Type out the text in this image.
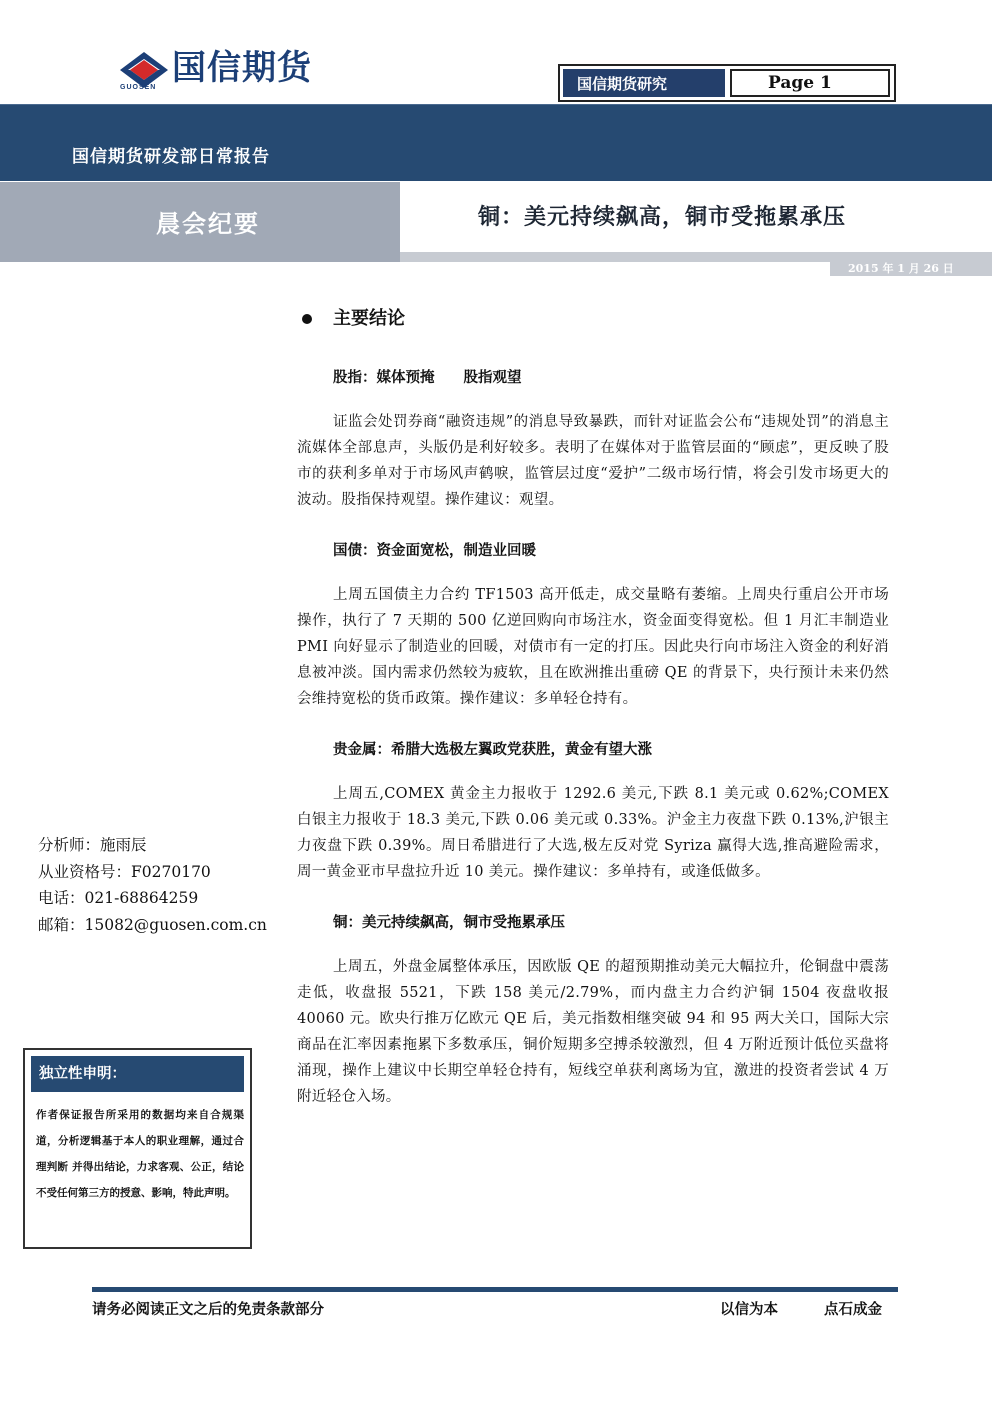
国信期货
GUOSEN	国信期货研究	Page 1
国信期货研发部日常报告
晨会纪要	铜：美元持续飙高，铜市受拖累承压
2015 年 1 月 26 日
主要结论
股指：媒体预掩　　股指观望
证监会处罚券商“融资违规”的消息导致暴跌，而针对证监会公布“违规处罚”的消息主流媒体全部息声，头版仍是利好较多。表明了在媒体对于监管层面的“顾虑”，更反映了股市的获利多单对于市场风声鹤唳，监管层过度“爱护”二级市场行情，将会引发市场更大的波动。股指保持观望。操作建议：观望。
国债：资金面宽松，制造业回暖
上周五国债主力合约 TF1503 高开低走，成交量略有萎缩。上周央行重启公开市场操作，执行了 7 天期的 500 亿逆回购向市场注水，资金面变得宽松。但 1 月汇丰制造业 PMI 向好显示了制造业的回暖，对债市有一定的打压。因此央行向市场注入资金的利好消息被冲淡。国内需求仍然较为疲软，且在欧洲推出重磅 QE 的背景下，央行预计未来仍然会维持宽松的货币政策。操作建议：多单轻仓持有。
贵金属：希腊大选极左翼政党获胜，黄金有望大涨
上周五,COMEX 黄金主力报收于 1292.6 美元,下跌 8.1 美元或 0.62%;COMEX 白银主力报收于 18.3 美元,下跌 0.06 美元或 0.33%。沪金主力夜盘下跌 0.13%,沪银主力夜盘下跌 0.39%。周日希腊进行了大选,极左反对党 Syriza 赢得大选,推高避险需求，周一黄金亚市早盘拉升近 10 美元。操作建议：多单持有，或逢低做多。
铜：美元持续飙高，铜市受拖累承压
上周五，外盘金属整体承压，因欧版 QE 的超预期推动美元大幅拉升，伦铜盘中震荡走低，收盘报 5521，下跌 158 美元/2.79%，而内盘主力合约沪铜 1504 夜盘收报 40060 元。欧央行推万亿欧元 QE 后，美元指数相继突破 94 和 95 两大关口，国际大宗商品在汇率因素拖累下多数承压，铜价短期多空搏杀较激烈，但 4 万附近预计低位买盘将涌现，操作上建议中长期空单轻仓持有，短线空单获利离场为宜，激进的投资者尝试 4 万附近轻仓入场。
分析师：施雨辰
从业资格号：F0270170
电话：021-68864259
邮箱：15082@guosen.com.cn
独立性申明：
作者保证报告所采用的数据均来自合规渠道，分析逻辑基于本人的职业理解，通过合理判断 并得出结论，力求客观、公正，结论不受任何第三方的授意、影响，特此声明。
请务必阅读正文之后的免责条款部分	以信为本	点石成金
